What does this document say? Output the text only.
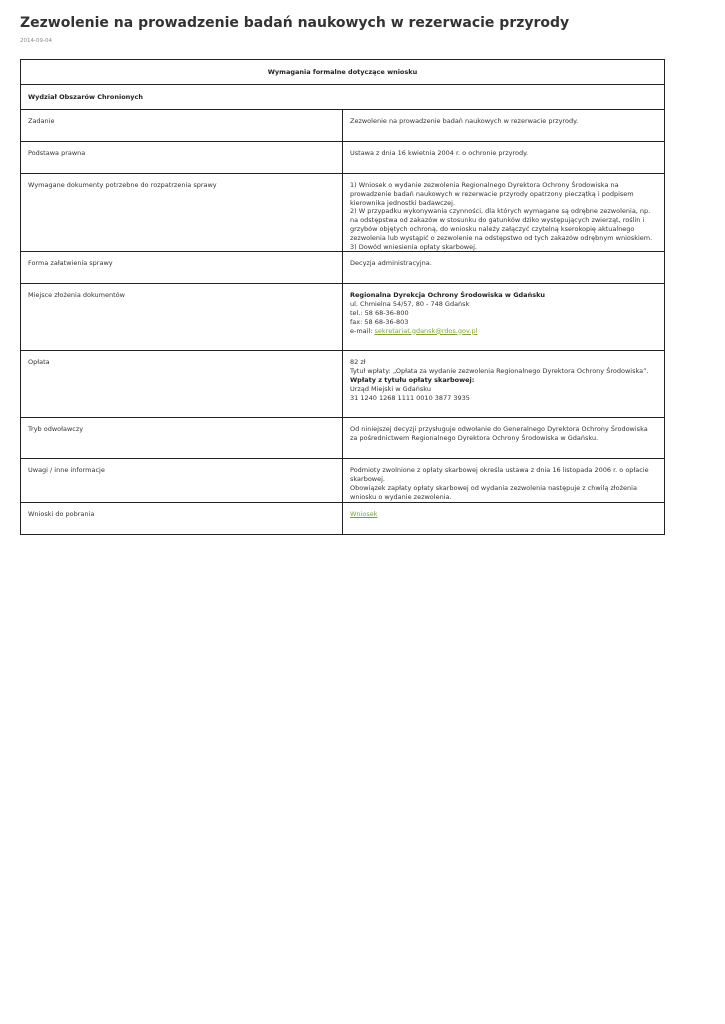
Zezwolenie na prowadzenie badań naukowych w rezerwacie przyrody
2014-09-04
Wymagania formalne dotyczące wniosku	
Wydział Obszarów Chronionych	
Zadanie	Zezwolenie na prowadzenie badań naukowych w rezerwacie przyrody.
Podstawa prawna	Ustawa z dnia 16 kwietnia 2004 r. o ochronie przyrody.
Wymagane dokumenty potrzebne do rozpatrzenia sprawy	1) Wniosek o wydanie zezwolenia Regionalnego Dyrektora Ochrony Środowiska na prowadzenie badań naukowych w rezerwacie przyrody opatrzony pieczątką i podpisem kierownika jednostki badawczej.
2) W przypadku wykonywania czynności, dla których wymagane są odrębne zezwolenia, np. na odstępstwa od zakazów w stosunku do gatunków dziko występujących zwierząt, roślin i grzybów objętych ochroną, do wniosku należy załączyć czytelną kserokopię aktualnego zezwolenia lub wystąpić o zezwolenie na odstępstwo od tych zakazów odrębnym wnioskiem.
3) Dowód wniesienia opłaty skarbowej.

Forma załatwienia sprawy	Decyzja administracyjna.
Miejsce złożenia dokumentów	Regionalna Dyrekcja Ochrony Środowiska w Gdańsku
ul. Chmielna 54/57, 80 - 748 Gdańsk
tel.: 58 68-36-800
fax: 58 68-36-803
e-mail: sekretariat.gdansk@rdos.gov.pl

Opłata	82 zł
Tytuł wpłaty: „Opłata za wydanie zezwolenia Regionalnego Dyrektora Ochrony Środowiska”.
Wpłaty z tytułu opłaty skarbowej:
Urząd Miejski w Gdańsku
31 1240 1268 1111 0010 3877 3935

Tryb odwoławczy	Od niniejszej decyzji przysługuje odwołanie do Generalnego Dyrektora Ochrony Środowiska za pośrednictwem Regionalnego Dyrektora Ochrony Środowiska w Gdańsku.
Uwagi / inne informacje	Podmioty zwolnione z opłaty skarbowej określa ustawa z dnia 16 listopada 2006 r. o opłacie skarbowej.
Obowiązek zapłaty opłaty skarbowej od wydania zezwolenia następuje z chwilą złożenia wniosku o wydanie zezwolenia.

Wnioski do pobrania	Wniosek
